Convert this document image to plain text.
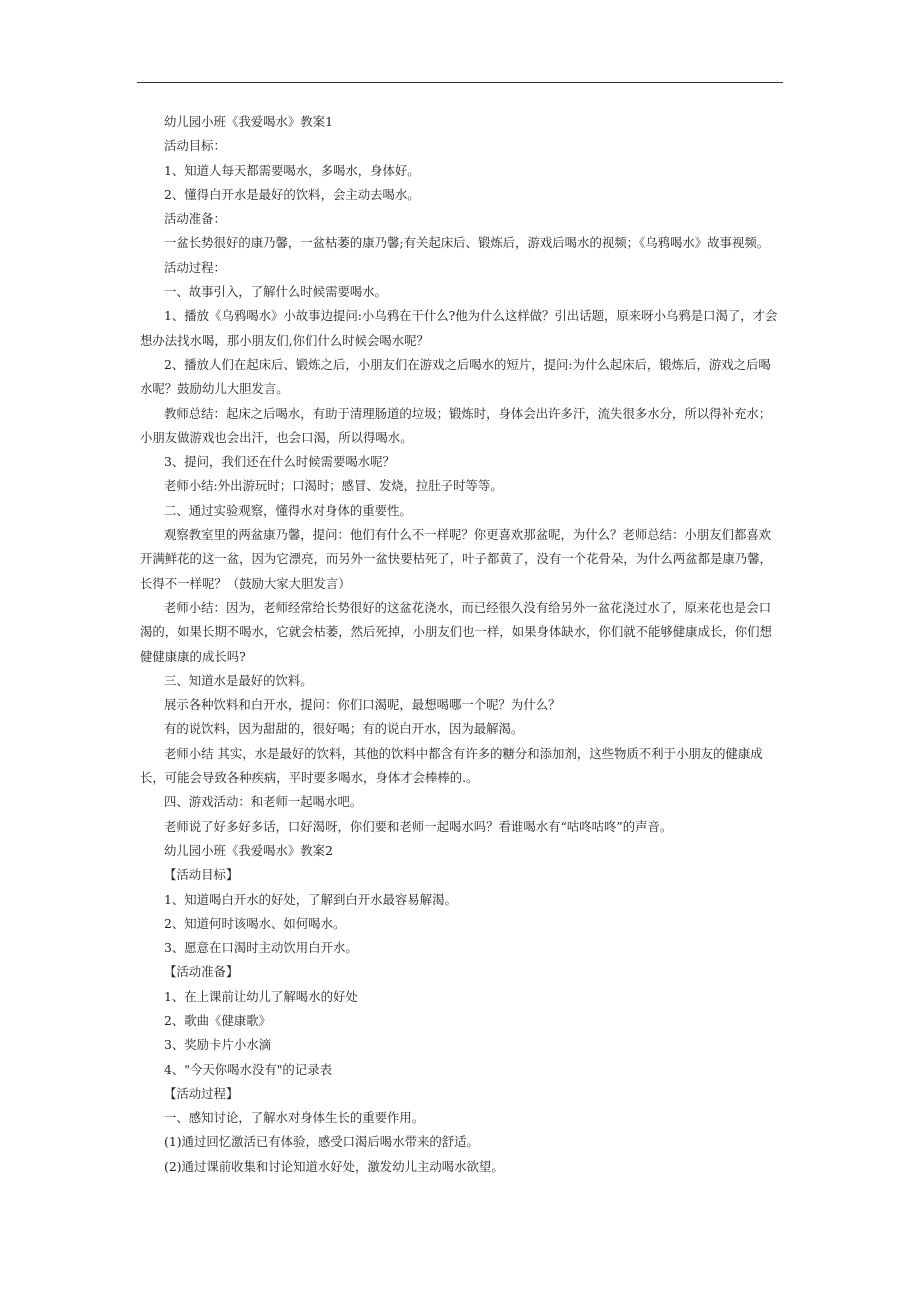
幼儿园小班《我爱喝水》教案1

活动目标：

1、知道人每天都需要喝水，多喝水，身体好。

2、懂得白开水是最好的饮料，会主动去喝水。

活动准备：

一盆长势很好的康乃馨，一盆枯萎的康乃馨;有关起床后、锻炼后，游戏后喝水的视频；《乌鸦喝水》故事视频。

活动过程：

一、故事引入，了解什么时候需要喝水。

1、播放《乌鸦喝水》小故事边提问:小乌鸦在干什么?他为什么这样做？引出话题，原来呀小乌鸦是口渴了，才会想办法找水喝，那小朋友们,你们什么时候会喝水呢？

2、播放人们在起床后、锻炼之后，小朋友们在游戏之后喝水的短片，提问:为什么起床后，锻炼后，游戏之后喝水呢？鼓励幼儿大胆发言。

教师总结：起床之后喝水，有助于清理肠道的垃圾；锻炼时，身体会出许多汗，流失很多水分，所以得补充水；小朋友做游戏也会出汗，也会口渴，所以得喝水。

3、提问，我们还在什么时候需要喝水呢？

老师小结:外出游玩时；口渴时；感冒、发烧，拉肚子时等等。

二、通过实验观察，懂得水对身体的重要性。

观察教室里的两盆康乃馨，提问：他们有什么不一样呢？你更喜欢那盆呢，为什么？老师总结：小朋友们都喜欢开满鲜花的这一盆，因为它漂亮，而另外一盆快要枯死了，叶子都黄了，没有一个花骨朵，为什么两盆都是康乃馨，长得不一样呢？（鼓励大家大胆发言）

老师小结：因为，老师经常给长势很好的这盆花浇水，而已经很久没有给另外一盆花浇过水了，原来花也是会口渴的，如果长期不喝水，它就会枯萎，然后死掉，小朋友们也一样，如果身体缺水，你们就不能够健康成长，你们想健健康康的成长吗?

三、知道水是最好的饮料。

展示各种饮料和白开水，提问：你们口渴呢，最想喝哪一个呢？为什么？

有的说饮料，因为甜甜的，很好喝；有的说白开水，因为最解渴。

老师小结 其实，水是最好的饮料，其他的饮料中都含有许多的糖分和添加剂，这些物质不利于小朋友的健康成长，可能会导致各种疾病，平时要多喝水，身体才会棒棒的.。

四、游戏活动：和老师一起喝水吧。

老师说了好多好多话，口好渴呀，你们要和老师一起喝水吗？看谁喝水有“咕咚咕咚”的声音。

幼儿园小班《我爱喝水》教案2

【活动目标】

1、知道喝白开水的好处，了解到白开水最容易解渴。

2、知道何时该喝水、如何喝水。

3、愿意在口渴时主动饮用白开水。

【活动准备】

1、在上课前让幼儿了解喝水的好处

2、歌曲《健康歌》

3、奖励卡片小水滴

4、"今天你喝水没有"的记录表

【活动过程】

一、感知讨论，了解水对身体生长的重要作用。

(1)通过回忆激活已有体验，感受口渴后喝水带来的舒适。

(2)通过课前收集和讨论知道水好处，激发幼儿主动喝水欲望。
